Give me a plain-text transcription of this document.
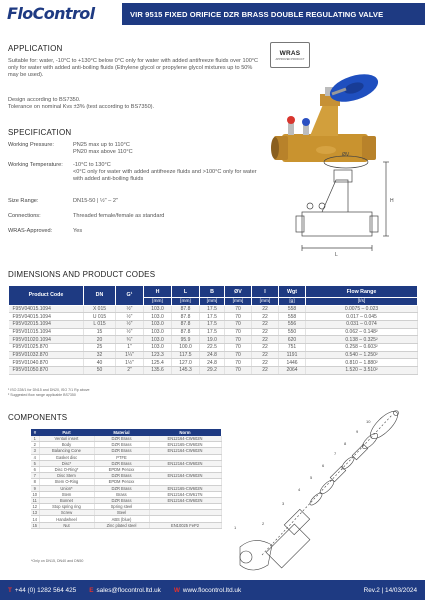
FloControl	VIR 9515 FIXED ORIFICE DZR BRASS DOUBLE REGULATING VALVE
APPLICATION
Suitable for: water, -10°C to +130°C below 0°C only for water with added antifreeze fluids over 100°C only for water with added anti-boiling fluids (Ethylene glycol or propylene glycol mixtures up to 50% may be used).
Design according to BS7350.
Tolerance on nominal Kvs ±3% (test according to BS7350).
WRAS
APPROVED PRODUCT
SPECIFICATION
Working Pressure:	PN25 max up to 110°C
PN20 max above 110°C
Working Temperature:	-10°C to 130°C
<0°C only for water with added antifreeze fluids and >100°C only for water with added anti-boiling fluids
Size Range:	DN15-50 | ½" – 2"
Connections:	Threaded female/female as standard
WRAS-Approved:	Yes
L
H
ØV
DIMENSIONS AND PRODUCT CODES
Product Code	DN	G¹	H	L	B	ØV	I	Wgt	Flow Range
			[mm]	[mm]	[mm]	[mm]	[mm]	[g]	[l/s]
F95V04015.1094	X 015	½"	103.0	87.8	17.5	70	22	558	0.0075 – 0.023
F95V04015.1094	U 015	½"	103.0	87.8	17.5	70	22	558	0.017 – 0.045
F95V02015.1094	L 015	½"	103.0	87.8	17.5	70	22	556	0.031 – 0.074
F95V01015.1094	15	½"	103.0	87.8	17.5	70	22	550	0.062 – 0.148²
F95V01020.1094	20	¾"	103.0	95.9	19.0	70	22	620	0.138 – 0.325²
F95V01025.870	25	1"	103.0	100.0	22.5	70	22	751	0.258 – 0.603²
F95V01032.870	32	1¼"	123.3	117.5	24.8	70	22	1191	0.540 – 1.250²
F95V01040.870	40	1½"	125.4	127.0	24.8	70	22	1446	0.810 – 1.880²
F95V01050.870	50	2"	135.6	145.3	29.2	70	22	2064	1.520 – 3.510²
¹ ISO 228/1 for DN15 and DN20, ISO 7/1 Rp above
² Suggested flow range applicable BS7350
COMPONENTS
#	Part	Material	Norm
1	Venturi insert	DZR Brass	EN12164-CW602N
2	Body	DZR Brass	EN12165-CW602N
3	Balancing Cone	DZR Brass	EN12164-CW602N
4	Gasket disc	PTFE	
5	Disc*	DZR Brass	EN12164-CW602N
6	Disc O-Ring*	EPDM Peroxx	
7	Disc Stem	DZR Brass	EN12164-CW602N
8	Stem O-Ring	EPDM Peroxx	
9	Union*	DZR Brass	EN12165-CW602N
10	Stem	Brass	EN12164-CW617N
11	Bonnet	DZR Brass	EN12164-CW602N
12	Stop spring ring	Spring steel	
13	Screw	Steel	
14	Handwheel	ABS (blue)	
15	Nut	Zinc plated steel	EN10025 FeP2
*Only on DN15, DN40 and DN50
1
2
3
4
5
6
7
8
9
10
T +44 (0) 1282 564 425 E sales@flocontrol.ltd.uk W www.flocontrol.ltd.uk	Rev.2 | 14/03/2024
